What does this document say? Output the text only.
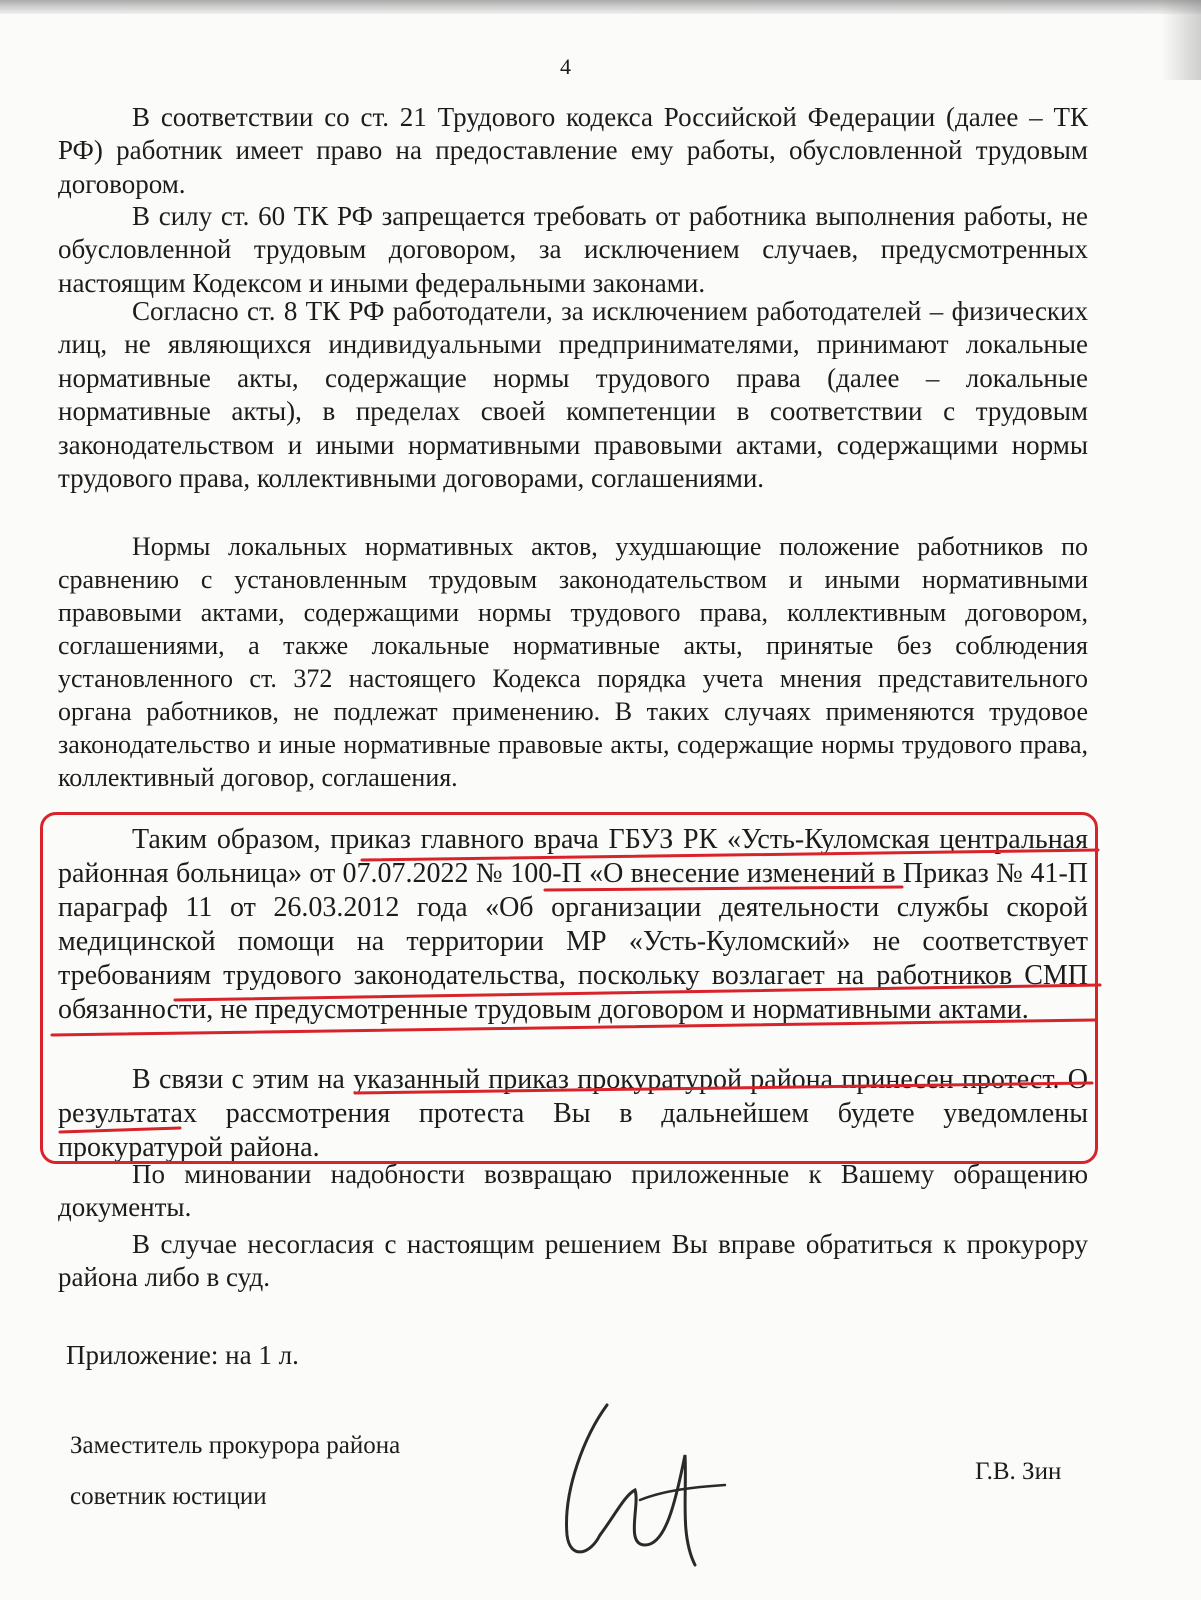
4

В соответствии со ст. 21 Трудового кодекса Российской Федерации (далее – ТК РФ) работник имеет право на предоставление ему работы, обусловленной трудовым договором.

В силу ст. 60 ТК РФ запрещается требовать от работника выполнения работы, не обусловленной трудовым договором, за исключением случаев, предусмотренных настоящим Кодексом и иными федеральными законами.

Согласно ст. 8 ТК РФ работодатели, за исключением работодателей – физических лиц, не являющихся индивидуальными предпринимателями, принимают локальные нормативные акты, содержащие нормы трудового права (далее – локальные нормативные акты), в пределах своей компетенции в соответствии с трудовым законодательством и иными нормативными правовыми актами, содержащими нормы трудового права, коллективными договорами, соглашениями.

Нормы локальных нормативных актов, ухудшающие положение работников по сравнению с установленным трудовым законодательством и иными нормативными правовыми актами, содержащими нормы трудового права, коллективным договором, соглашениями, а также локальные нормативные акты, принятые без соблюдения установленного ст. 372 настоящего Кодекса порядка учета мнения представительного органа работников, не подлежат применению. В таких случаях применяются трудовое законодательство и иные нормативные правовые акты, содержащие нормы трудового права, коллективный договор, соглашения.

Таким образом, приказ главного врача ГБУЗ РК «Усть-Куломская центральная районная больница» от 07.07.2022 № 100-П «О внесение изменений в Приказ № 41-П параграф 11 от 26.03.2012 года «Об организации деятельности службы скорой медицинской помощи на территории МР «Усть-Куломский» не соответствует требованиям трудового законодательства, поскольку возлагает на работников СМП обязанности, не предусмотренные трудовым договором и нормативными актами.

В связи с этим на указанный приказ прокуратурой района принесен протест. О результатах рассмотрения протеста Вы в дальнейшем будете уведомлены прокуратурой района.

По миновании надобности возвращаю приложенные к Вашему обращению документы.

В случае несогласия с настоящим решением Вы вправе обратиться к прокурору района либо в суд.

Приложение: на 1 л.
Заместитель прокурора района
советник юстиции
Г.В. Зин
